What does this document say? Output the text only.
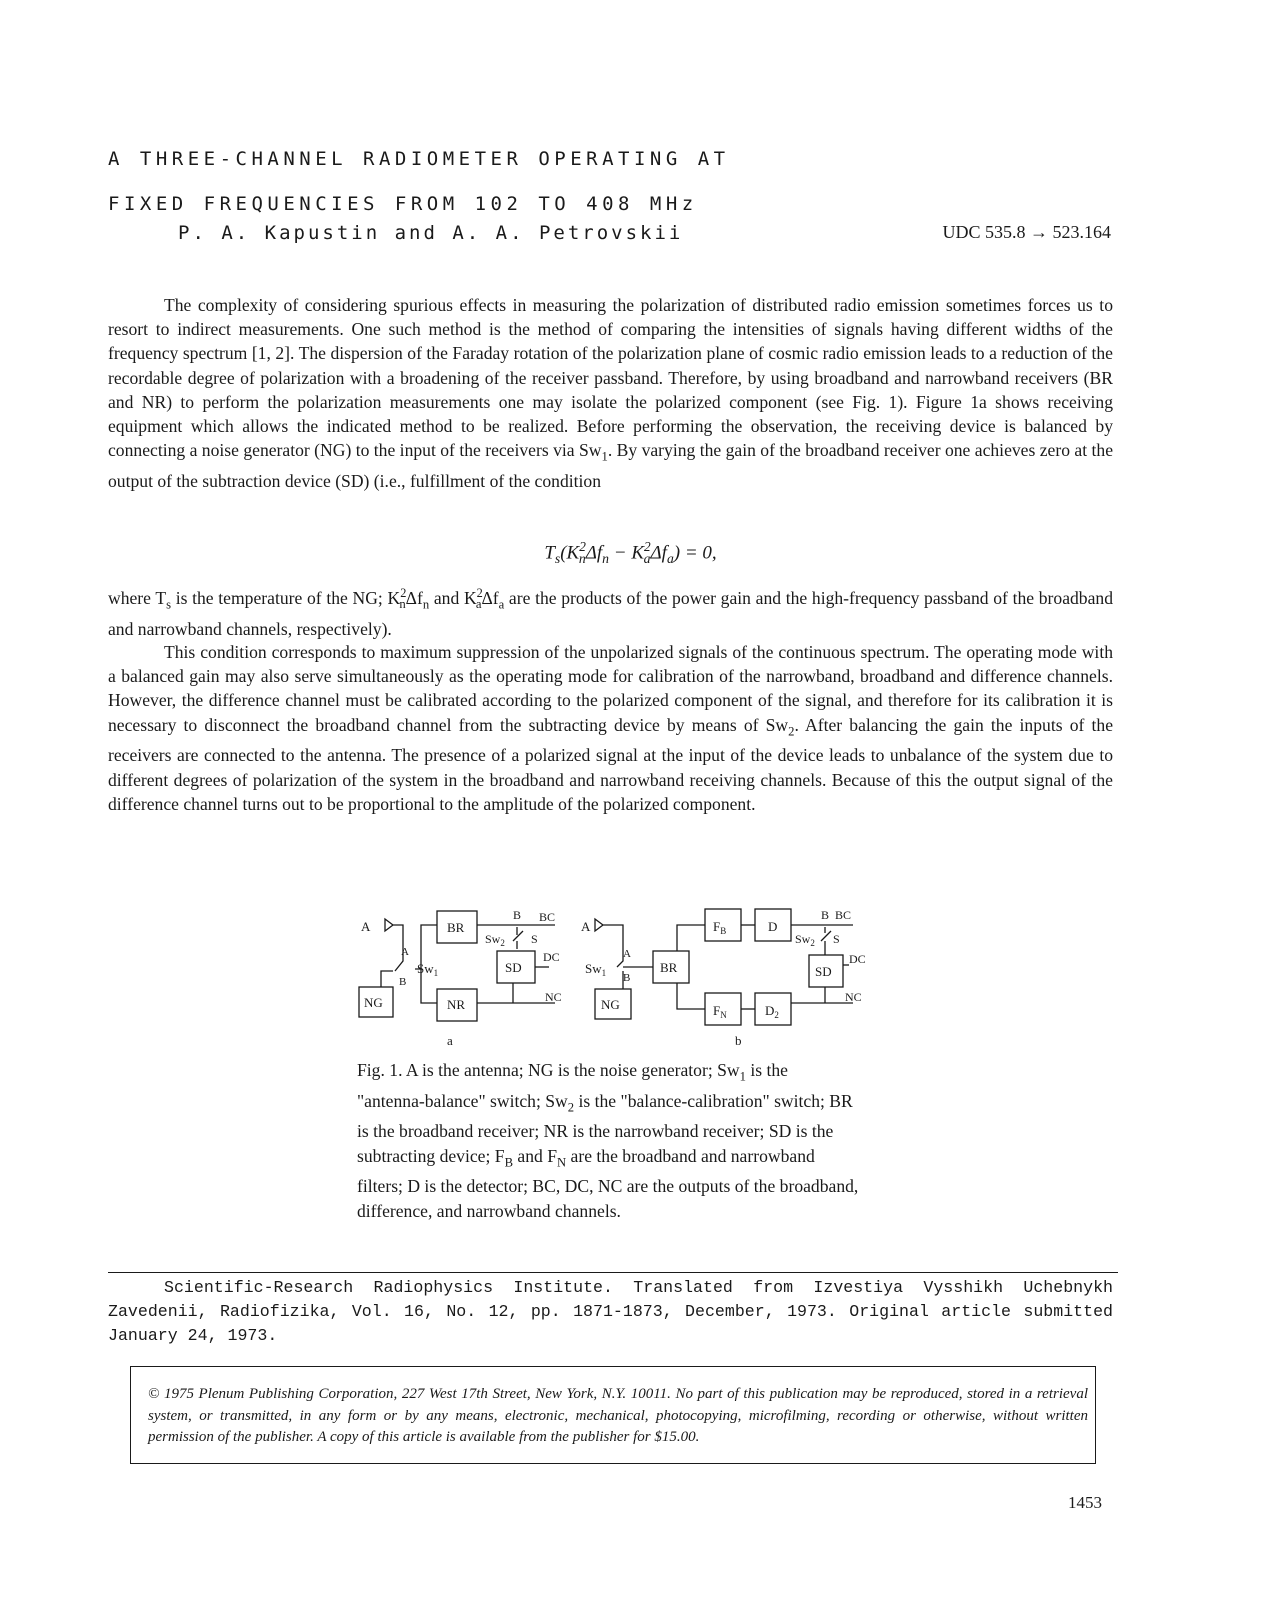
A THREE-CHANNEL RADIOMETER OPERATING AT
FIXED FREQUENCIES FROM 102 TO 408 MHz
P. A. Kapustin and A. A. Petrovskii	UDC 535.8 → 523.164

The complexity of considering spurious effects in measuring the polarization of distributed radio emission sometimes forces us to resort to indirect measurements. One such method is the method of comparing the intensities of signals having different widths of the frequency spectrum [1, 2]. The dispersion of the Faraday rotation of the polarization plane of cosmic radio emission leads to a reduction of the recordable degree of polarization with a broadening of the receiver passband. Therefore, by using broadband and narrowband receivers (BR and NR) to perform the polarization measurements one may isolate the polarized component (see Fig. 1). Figure 1a shows receiving equipment which allows the indicated method to be realized. Before performing the observation, the receiving device is balanced by connecting a noise generator (NG) to the input of the receivers via $Sw_1$. By varying the gain of the broadband receiver one achieves zero at the output of the subtraction device (SD) (i.e., fulfillment of the condition

$T_s(K^2_n\Delta f_n - K^2_a\Delta f_a) = 0$,

where $T_s$ is the temperature of the NG; $K^2_n\Delta f_n$ and $K^2_a\Delta f_a$ are the products of the power gain and the high-frequency passband of the broadband and narrowband channels, respectively).

This condition corresponds to maximum suppression of the unpolarized signals of the continuous spectrum. The operating mode with a balanced gain may also serve simultaneously as the operating mode for calibration of the narrowband, broadband and difference channels. However, the difference channel must be calibrated according to the polarized component of the signal, and therefore for its calibration it is necessary to disconnect the broadband channel from the subtracting device by means of $Sw_2$. After balancing the gain the inputs of the receivers are connected to the antenna. The presence of a polarized signal at the input of the device leads to unbalance of the system due to different degrees of polarization of the system in the broadband and narrowband receiving channels. Because of this the output signal of the difference channel turns out to be proportional to the amplitude of the polarized component.

A
A
B
$Sw_1$
NG
BR
NR
B BC
$Sw_2$ S
SD
DC
NC
a
A
A
B
$Sw_1$
NG
BR
$F_B$	D
$F_N$	$D_2$
B BC
$Sw_2$ S
SD
DC
NC
b
Fig. 1. A is the antenna; NG is the noise generator; $Sw_1$ is the "antenna-balance" switch; $Sw_2$ is the "balance-calibration" switch; BR is the broadband receiver; NR is the narrowband receiver; SD is the subtracting device; $F_B$ and $F_N$ are the broadband and narrowband filters; D is the detector; BC, DC, NC are the outputs of the broadband, difference, and narrowband channels.

Scientific-Research Radiophysics Institute. Translated from Izvestiya Vysshikh Uchebnykh Zavedenii, Radiofizika, Vol. 16, No. 12, pp. 1871-1873, December, 1973. Original article submitted January 24, 1973.

© 1975 Plenum Publishing Corporation, 227 West 17th Street, New York, N.Y. 10011. No part of this publication may be reproduced, stored in a retrieval system, or transmitted, in any form or by any means, electronic, mechanical, photocopying, microfilming, recording or otherwise, without written permission of the publisher. A copy of this article is available from the publisher for $15.00.
1453
